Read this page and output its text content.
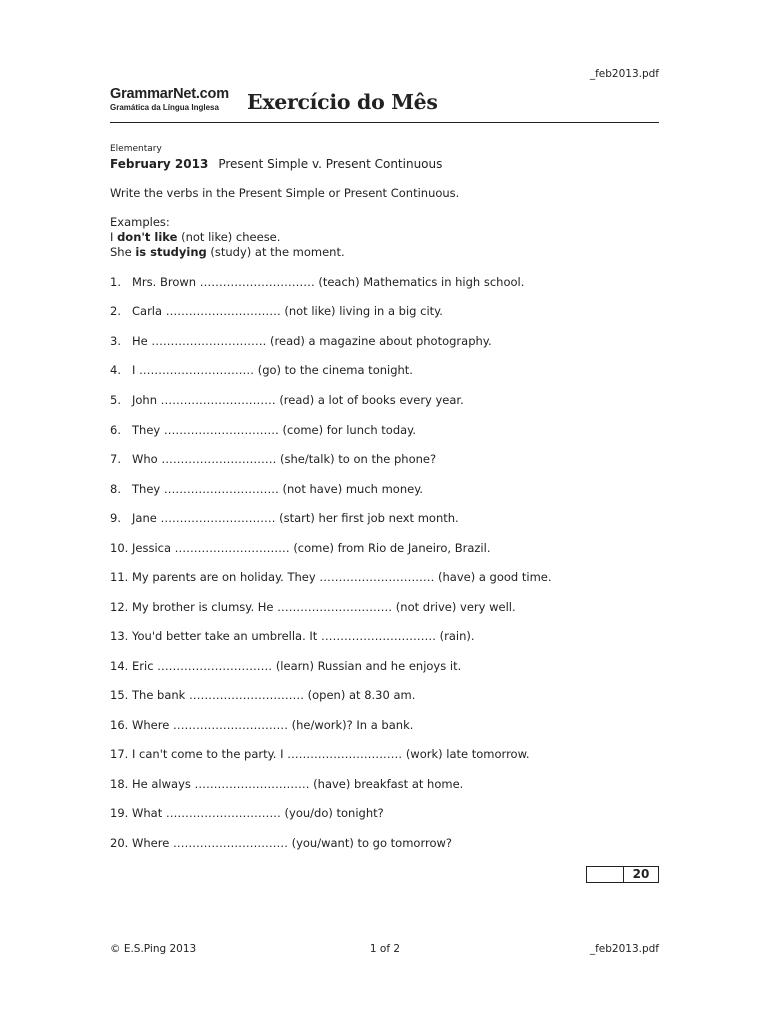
_feb2013.pdf
GrammarNet.com
Gramática da Língua Inglesa	Exercício do Mês
Elementary
February 2013 Present Simple v. Present Continuous
Write the verbs in the Present Simple or Present Continuous.
Examples:
I don't like (not like) cheese.
She is studying (study) at the moment.
1. Mrs. Brown ………………………… (teach) Mathematics in high school.
2. Carla ………………………… (not like) living in a big city.
3. He ………………………… (read) a magazine about photography.
4. I ………………………… (go) to the cinema tonight.
5. John ………………………… (read) a lot of books every year.
6. They ………………………… (come) for lunch today.
7. Who ………………………… (she/talk) to on the phone?
8. They ………………………… (not have) much money.
9. Jane ………………………… (start) her first job next month.
10. Jessica ………………………… (come) from Rio de Janeiro, Brazil.
11. My parents are on holiday. They ………………………… (have) a good time.
12. My brother is clumsy. He ………………………… (not drive) very well.
13. You'd better take an umbrella. It ………………………… (rain).
14. Eric ………………………… (learn) Russian and he enjoys it.
15. The bank ………………………… (open) at 8.30 am.
16. Where ………………………… (he/work)? In a bank.
17. I can't come to the party. I ………………………… (work) late tomorrow.
18. He always ………………………… (have) breakfast at home.
19. What ………………………… (you/do) tonight?
20. Where ………………………… (you/want) to go tomorrow?
20
© E.S.Ping 2013	1 of 2	_feb2013.pdf
